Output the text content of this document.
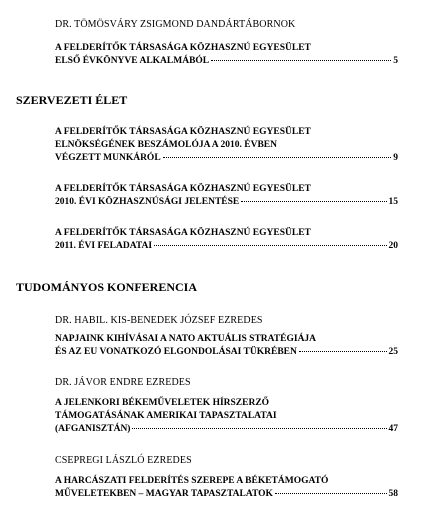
DR. TÖMÖSVÁRY ZSIGMOND DANDÁRTÁBORNOK
A FELDERÍTŐK TÁRSASÁGA KÖZHASZNÚ EGYESÜLET
ELSŐ ÉVKÖNYVE ALKALMÁBÓL	5
SZERVEZETI ÉLET
A FELDERÍTŐK TÁRSASÁGA KÖZHASZNÚ EGYESÜLET
ELNÖKSÉGÉNEK BESZÁMOLÓJA A 2010. ÉVBEN
VÉGZETT MUNKÁRÓL	9
A FELDERÍTŐK TÁRSASÁGA KÖZHASZNÚ EGYESÜLET
2010. ÉVI KÖZHASZNÚSÁGI JELENTÉSE	15
A FELDERÍTŐK TÁRSASÁGA KÖZHASZNÚ EGYESÜLET
2011. ÉVI FELADATAI	20
TUDOMÁNYOS KONFERENCIA
DR. HABIL. KIS-BENEDEK JÓZSEF EZREDES
NAPJAINK KIHÍVÁSAI A NATO AKTUÁLIS STRATÉGIÁJA
ÉS AZ EU VONATKOZÓ ELGONDOLÁSAI TÜKRÉBEN	25
DR. JÁVOR ENDRE EZREDES
A JELENKORI BÉKEMŰVELETEK HÍRSZERZŐ
TÁMOGATÁSÁNAK AMERIKAI TAPASZTALATAI
(AFGANISZTÁN)	47
CSEPREGI LÁSZLÓ EZREDES
A HARCÁSZATI FELDERÍTÉS SZEREPE A BÉKETÁMOGATÓ
MŰVELETEKBEN – MAGYAR TAPASZTALATOK	58
